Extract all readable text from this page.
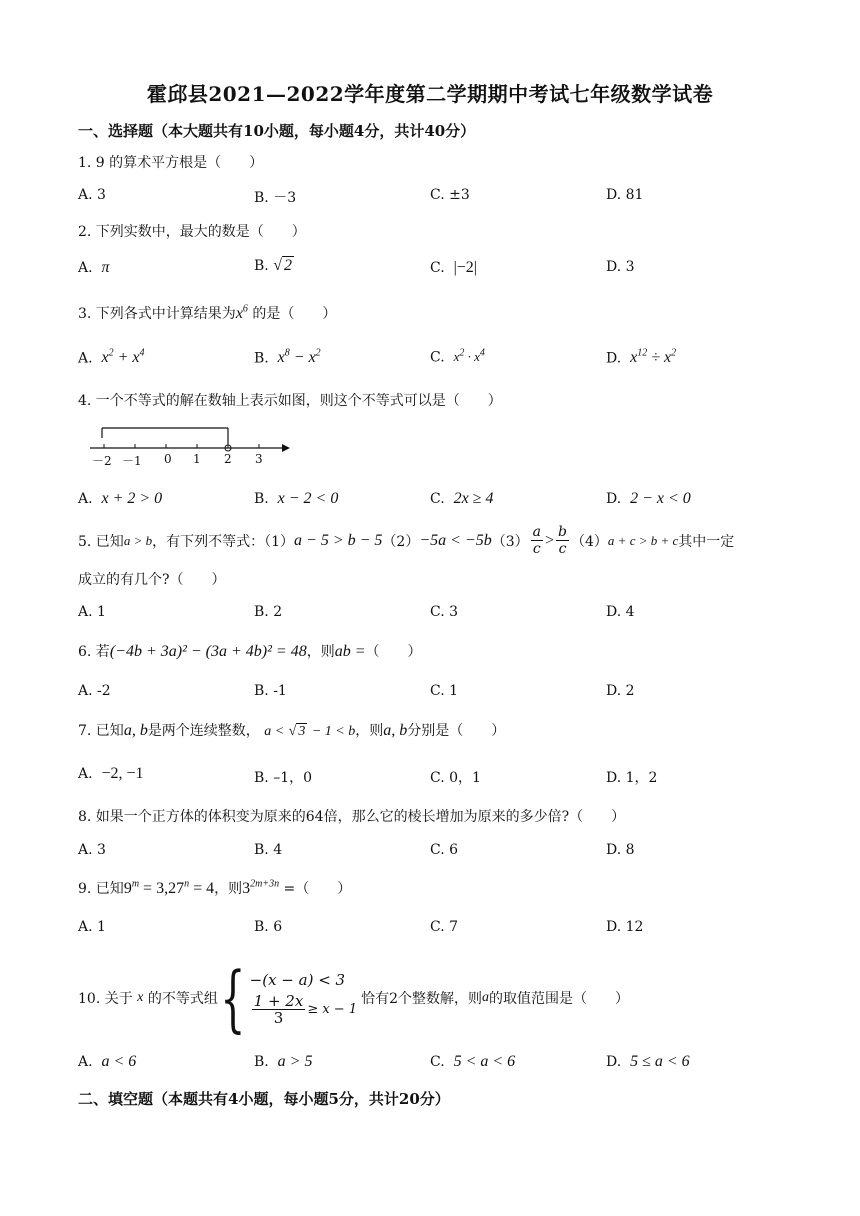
霍邱县2021—2022学年度第二学期期中考试七年级数学试卷
一、选择题（本大题共有10小题，每小题4分，共计40分）
1. 9 的算术平方根是（　　）
A. 3	B. －3	C. ±3	D. 81
2. 下列实数中，最大的数是（　　）
A. π	B. √ 2	C. |−2|	D. 3
3. 下列各式中计算结果为$x^6$ 的是（　　）
A. $x^2 + x^4$	B. $x^8 - x^2$	C. $x^2 \cdot x^4$	D. $x^{12} \div x^2$
4. 一个不等式的解在数轴上表示如图，则这个不等式可以是（　　）
－2 －1 0 1 2 3
A. x + 2 > 0	B. x − 2 < 0	C. 2x ≥ 4	D. 2 − x < 0
5. 已知 a > b ，有下列不等式：（1） a − 5 > b − 5 （2） −5a < −5b $(3) \frac{a}{c} > \frac{b}{c} (4) a + c > b + c$ 其中一定
成立的有几个?（　　）
A. 1	B. 2	C. 3	D. 4
6. 若(−4b + 3a)² − (3a + 4b)² = 48，则ab =（　　）
A. -2	B. -1	C. 1	D. 2
7. 已知a, b是两个连续整数， a < √ 3 − 1 < b，则a, b分别是（　　）
A. −2, −1	B. –1，0	C. 0，1	D. 1，2
8. 如果一个正方体的体积变为原来的64倍，那么它的棱长增加为原来的多少倍?（　　）
A. 3	B. 4	C. 6	D. 8
9. 已知$9^m = 3,27^n = 4$，则$3^{2m+3n}$ =（　　）
A. 1	B. 6	C. 7	D. 12
10. 关于
x
的不等式组 { −(x − a) < 3
$\frac{1 + 2x}{3} \ge x - 1$
恰有2个整数解，则 a 的取值范围是（　　）
A. a < 6	B. a > 5	C. 5 < a < 6	D. 5 ≤ a < 6
二、填空题（本题共有4小题，每小题5分，共计20分）
